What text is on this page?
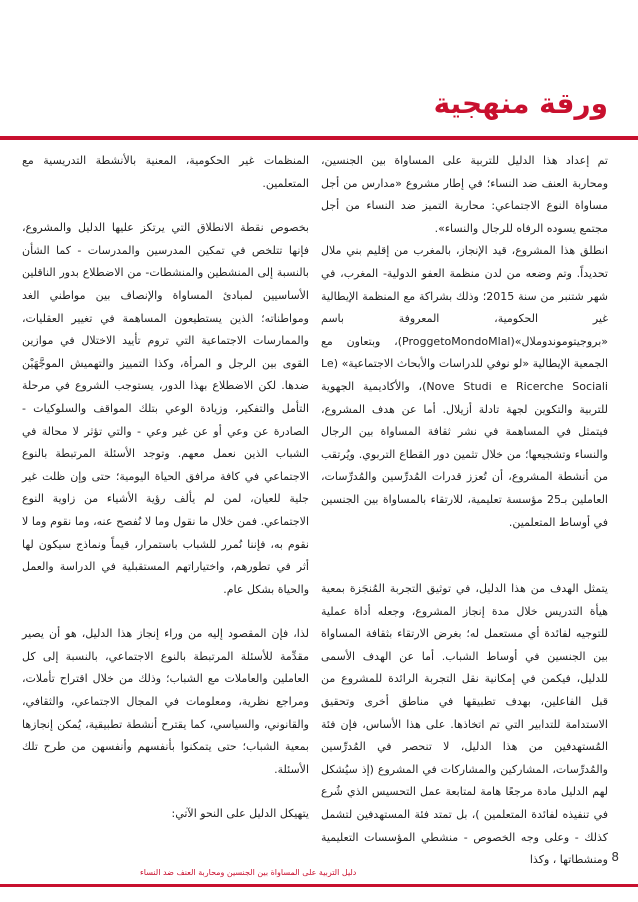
ورقة منهجية

تم إعداد هذا الدليل للتربية على المساواة بين الجنسين، ومحاربة العنف ضد النساء؛ في إطار مشروع «مدارس من أجل مساواة النوع الاجتماعي: محاربة التميز ضد النساء من أجل مجتمع يسوده الرفاه للرجال والنساء».

انطلق هذا المشروع، قيد الإنجاز، بالمغرب من إقليم بني ملال تحديداً. وتم وضعه من لدن منظمة العفو الدولية- المغرب، في شهر شتنبر من سنة 2015؛ وذلك بشراكة مع المنظمة الإيطالية غير الحكومية، المعروفة باسم «بروجيتوموندوملال»(ProggetoMondoMlal)، وبتعاون مع الجمعية الإيطالية «لو نوفي للدراسات والأبحاث الاجتماعية» (Le Nove Studi e Ricerche Sociali)، والأكاديمية الجهوية للتربية والتكوين لجهة تادلة أزيلال. أما عن هدف المشروع، فيتمثل في المساهمة في نشر ثقافة المساواة بين الرجال والنساء وتشجيعها؛ من خلال تثمين دور القطاع التربوي. ويُرتقب من أنشطة المشروع، أن تُعزز قدرات المُدرِّسين والمُدرِّسات، العاملين بـ25 مؤسسة تعليمية، للارتقاء بالمساواة بين الجنسين في أوساط المتعلمين.

يتمثل الهدف من هذا الدليل، في توثيق التجربة المُنجَزة بمعية هيأة التدريس خلال مدة إنجاز المشروع، وجعله أداة عملية للتوجيه لفائدة أي مستعمل له؛ بغرض الارتقاء بثقافة المساواة بين الجنسين في أوساط الشباب. أما عن الهدف الأسمى للدليل، فيكمن في إمكانية نقل التجربة الرائدة للمشروع من قبل الفاعلين، بهدف تطبيقها في مناطق أخرى وتحقيق الاستدامة للتدابير التي تم اتخاذها. على هذا الأساس، فإن فئة المُستهدفين من هذا الدليل، لا تنحصر في المُدرِّسين والمُدرِّسات، المشاركين والمشاركات في المشروع (إذ سيُشكل لهم الدليل مادة مرجعًا هامة لمتابعة عمل التحسيس الذي شُرع في تنفيذه لفائدة المتعلمين )، بل تمتد فئة المستهدفين لتشمل كذلك - وعلى وجه الخصوص - منشطي المؤسسات التعليمية ومنشطاتها ، وكذا

المنظمات غير الحكومية، المعنية بالأنشطة التدريسية مع المتعلمين.

بخصوص نقطة الانطلاق التي يرتكز عليها الدليل والمشروع، فإنها تتلخص في تمكين المدرسين والمدرسات - كما الشأن بالنسبة إلى المنشطين والمنشطات- من الاضطلاع بدور الناقلين الأساسيين لمبادئ المساواة والإنصاف بين مواطني الغد ومواطناته؛ الذين يستطيعون المساهمة في تغيير العقليات، والممارسات الاجتماعية التي تروم تأييد الاختلال في موازين القوى بين الرجل و المرأة، وكذا التمييز والتهميش الموجَّهَيْن ضدها. لكن الاضطلاع بهذا الدور، يستوجب الشروع في مرحلة التأمل والتفكير، وزيادة الوعي بتلك المواقف والسلوكيات - الصادرة عن وعي أو عن غير وعي - والتي تؤثر لا محالة في الشباب الذين نعمل معهم. وتوجد الأسئلة المرتبطة بالنوع الاجتماعي في كافة مرافق الحياة اليومية؛ حتى وإن ظلت غير جلية للعيان، لمن لم يألف رؤية الأشياء من زاوية النوع الاجتماعي. فمن خلال ما نقول وما لا نُفصح عنه، وما نقوم وما لا نقوم به، فإننا نُمرر للشباب باستمرار، قيماً ونماذج سيكون لها أثر في تطورهم، واختياراتهم المستقبلية في الدراسة والعمل والحياة بشكل عام.

لذا، فإن المقصود إليه من وراء إنجاز هذا الدليل، هو أن يصير مقدِّمة للأسئلة المرتبطة بالنوع الاجتماعي، بالنسبة إلى كل العاملين والعاملات مع الشباب؛ وذلك من خلال اقتراح تأملات، ومراجع نظرية، ومعلومات في المجال الاجتماعي، والثقافي، والقانوني، والسياسي، كما يقترح أنشطة تطبيقية، يُمكن إنجازها بمعية الشباب؛ حتى يتمكنوا بأنفسهم وأنفسهن من طرح تلك الأسئلة.

يتهيكل الدليل على النحو الآتي:

8
دليل التربية على المساواة بين الجنسين ومحاربة العنف ضد النساء
